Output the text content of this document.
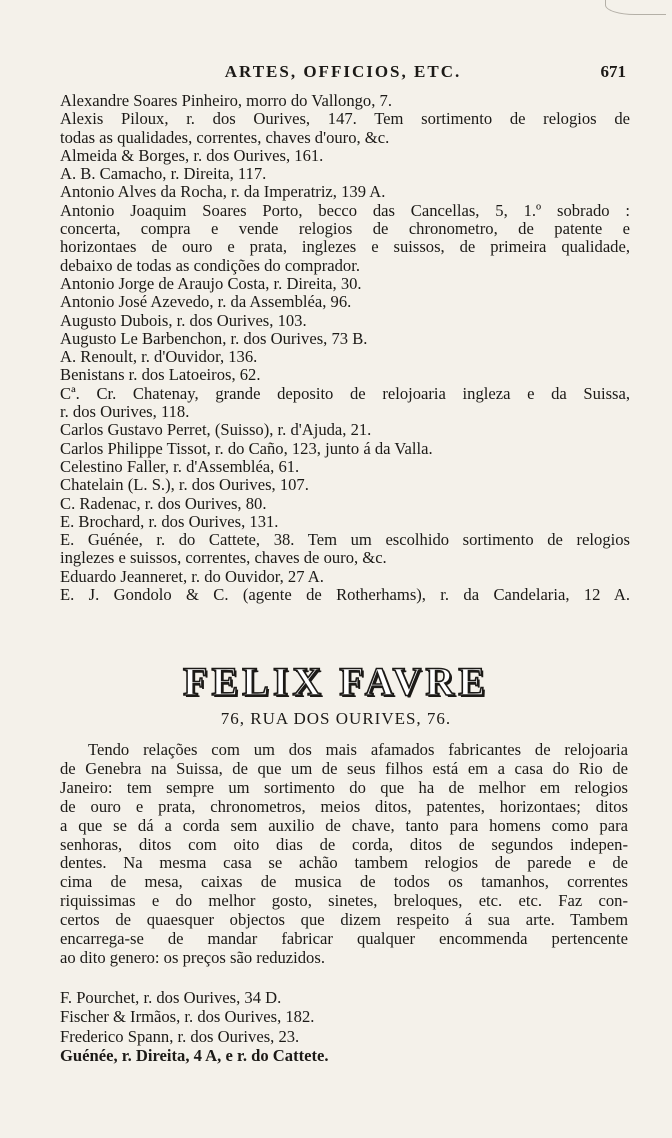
ARTES, OFFICIOS, ETC.	671

Alexandre Soares Pinheiro, morro do Vallongo, 7.

Alexis Piloux, r. dos Ourives, 147. Tem sortimento de relogios de
todas as qualidades, correntes, chaves d'ouro, &c.

Almeida & Borges, r. dos Ourives, 161.

A. B. Camacho, r. Direita, 117.

Antonio Alves da Rocha, r. da Imperatriz, 139 A.

Antonio Joaquim Soares Porto, becco das Cancellas, 5, 1.º sobrado :
concerta, compra e vende relogios de chronometro, de patente e
horizontaes de ouro e prata, inglezes e suissos, de primeira qualidade,
debaixo de todas as condições do comprador.

Antonio Jorge de Araujo Costa, r. Direita, 30.

Antonio José Azevedo, r. da Assembléa, 96.

Augusto Dubois, r. dos Ourives, 103.

Augusto Le Barbenchon, r. dos Ourives, 73 B.

A. Renoult, r. d'Ouvidor, 136.

Benistans r. dos Latoeiros, 62.

Cª. Cr. Chatenay, grande deposito de relojoaria ingleza e da Suissa,
r. dos Ourives, 118.

Carlos Gustavo Perret, (Suisso), r. d'Ajuda, 21.

Carlos Philippe Tissot, r. do Caño, 123, junto á da Valla.

Celestino Faller, r. d'Assembléa, 61.

Chatelain (L. S.), r. dos Ourives, 107.

C. Radenac, r. dos Ourives, 80.

E. Brochard, r. dos Ourives, 131.

E. Guénée, r. do Cattete, 38. Tem um escolhido sortimento de relogios
inglezes e suissos, correntes, chaves de ouro, &c.

Eduardo Jeanneret, r. do Ouvidor, 27 A.

E. J. Gondolo & C. (agente de Rotherhams), r. da Candelaria, 12 A.

FELIX FAVRE
76, RUA DOS OURIVES, 76.
Tendo relações com um dos mais afamados fabricantes de relojoaria
de Genebra na Suissa, de que um de seus filhos está em a casa do Rio de
Janeiro: tem sempre um sortimento do que ha de melhor em relogios
de ouro e prata, chronometros, meios ditos, patentes, horizontaes; ditos
a que se dá a corda sem auxilio de chave, tanto para homens como para
senhoras, ditos com oito dias de corda, ditos de segundos indepen-
dentes. Na mesma casa se achão tambem relogios de parede e de
cima de mesa, caixas de musica de todos os tamanhos, correntes
riquissimas e do melhor gosto, sinetes, breloques, etc. etc. Faz con-
certos de quaesquer objectos que dizem respeito á sua arte. Tambem
encarrega-se de mandar fabricar qualquer encommenda pertencente
ao dito genero: os preços são reduzidos.
F. Pourchet, r. dos Ourives, 34 D.
Fischer & Irmãos, r. dos Ourives, 182.
Frederico Spann, r. dos Ourives, 23.
Guénée, r. Direita, 4 A, e r. do Cattete.
